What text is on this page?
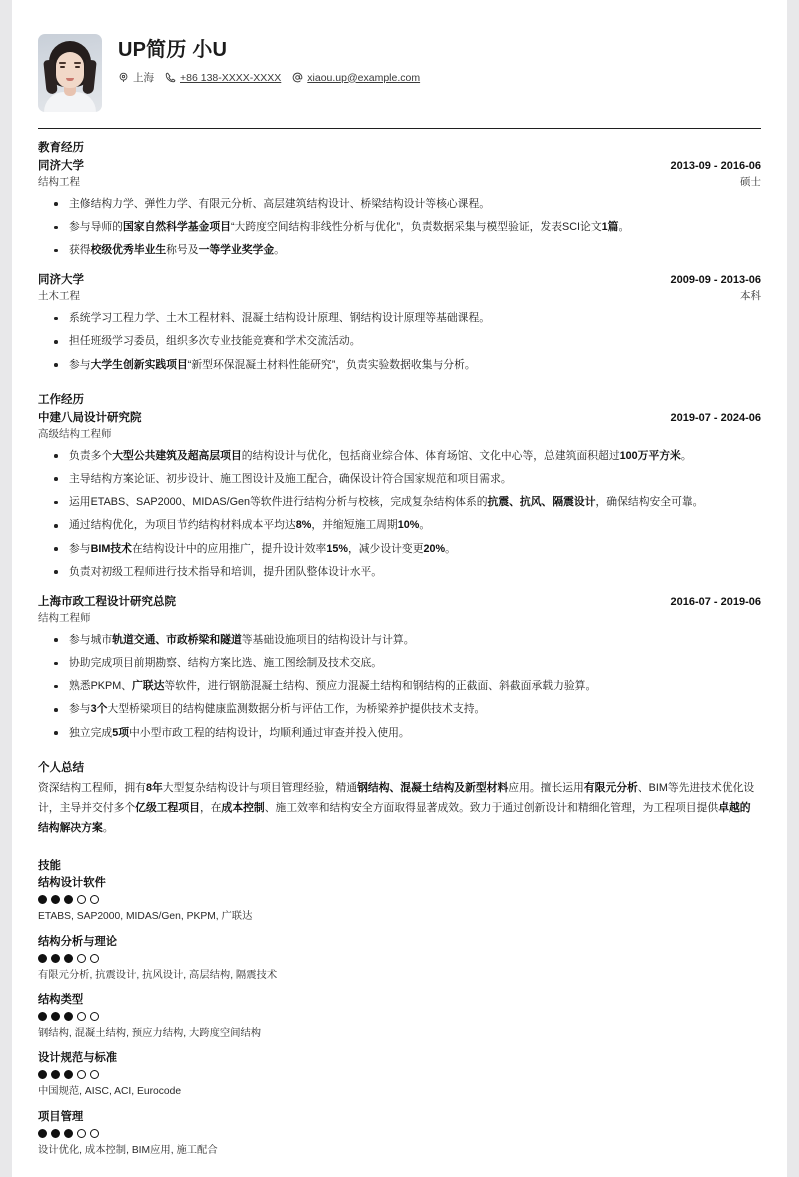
UP简历 小U
上海 +86 138-XXXX-XXXX xiaou.up@example.com
教育经历
同济大学	2013-09 - 2016-06
结构工程	硕士
主修结构力学、弹性力学、有限元分析、高层建筑结构设计、桥梁结构设计等核心课程。
参与导师的国家自然科学基金项目“大跨度空间结构非线性分析与优化”，负责数据采集与模型验证，发表SCI论文1篇。
获得校级优秀毕业生称号及一等学业奖学金。
同济大学	2009-09 - 2013-06
土木工程	本科
系统学习工程力学、土木工程材料、混凝土结构设计原理、钢结构设计原理等基础课程。
担任班级学习委员，组织多次专业技能竞赛和学术交流活动。
参与大学生创新实践项目“新型环保混凝土材料性能研究”，负责实验数据收集与分析。
工作经历
中建八局设计研究院	2019-07 - 2024-06
高级结构工程师
负责多个大型公共建筑及超高层项目的结构设计与优化，包括商业综合体、体育场馆、文化中心等，总建筑面积超过100万平方米。
主导结构方案论证、初步设计、施工图设计及施工配合，确保设计符合国家规范和项目需求。
运用ETABS、SAP2000、MIDAS/Gen等软件进行结构分析与校核，完成复杂结构体系的抗震、抗风、隔震设计，确保结构安全可靠。
通过结构优化，为项目节约结构材料成本平均达8%，并缩短施工周期10%。
参与BIM技术在结构设计中的应用推广，提升设计效率15%，减少设计变更20%。
负责对初级工程师进行技术指导和培训，提升团队整体设计水平。
上海市政工程设计研究总院	2016-07 - 2019-06
结构工程师
参与城市轨道交通、市政桥梁和隧道等基础设施项目的结构设计与计算。
协助完成项目前期勘察、结构方案比选、施工图绘制及技术交底。
熟悉PKPM、广联达等软件，进行钢筋混凝土结构、预应力混凝土结构和钢结构的正截面、斜截面承载力验算。
参与3个大型桥梁项目的结构健康监测数据分析与评估工作，为桥梁养护提供技术支持。
独立完成5项中小型市政工程的结构设计，均顺利通过审查并投入使用。
个人总结
资深结构工程师，拥有8年大型复杂结构设计与项目管理经验，精通钢结构、混凝土结构及新型材料应用。擅长运用有限元分析、BIM等先进技术优化设计，主导并交付多个亿级工程项目，在成本控制、施工效率和结构安全方面取得显著成效。致力于通过创新设计和精细化管理，为工程项目提供卓越的结构解决方案。
技能
结构设计软件
ETABS, SAP2000, MIDAS/Gen, PKPM, 广联达
结构分析与理论
有限元分析, 抗震设计, 抗风设计, 高层结构, 隔震技术
结构类型
钢结构, 混凝土结构, 预应力结构, 大跨度空间结构
设计规范与标准
中国规范, AISC, ACI, Eurocode
项目管理
设计优化, 成本控制, BIM应用, 施工配合
